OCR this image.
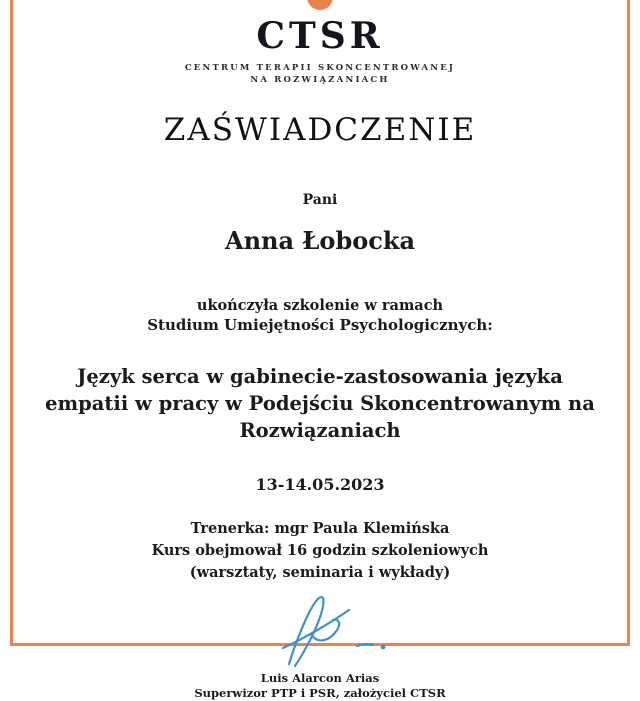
CTSR
CENTRUM TERAPII SKONCENTROWANEJ
NA ROZWIĄZANIACH
ZAŚWIADCZENIE
Pani
Anna Łobocka
ukończyła szkolenie w ramach
Studium Umiejętności Psychologicznych:
Język serca w gabinecie-zastosowania języka empatii w pracy w Podejściu Skoncentrowanym na Rozwiązaniach
13-14.05.2023
Trenerka: mgr Paula Klemińska
Kurs obejmował 16 godzin szkoleniowych
(warsztaty, seminaria i wykłady)
Luis Alarcon Arias
Superwizor PTP i PSR, założyciel CTSR
